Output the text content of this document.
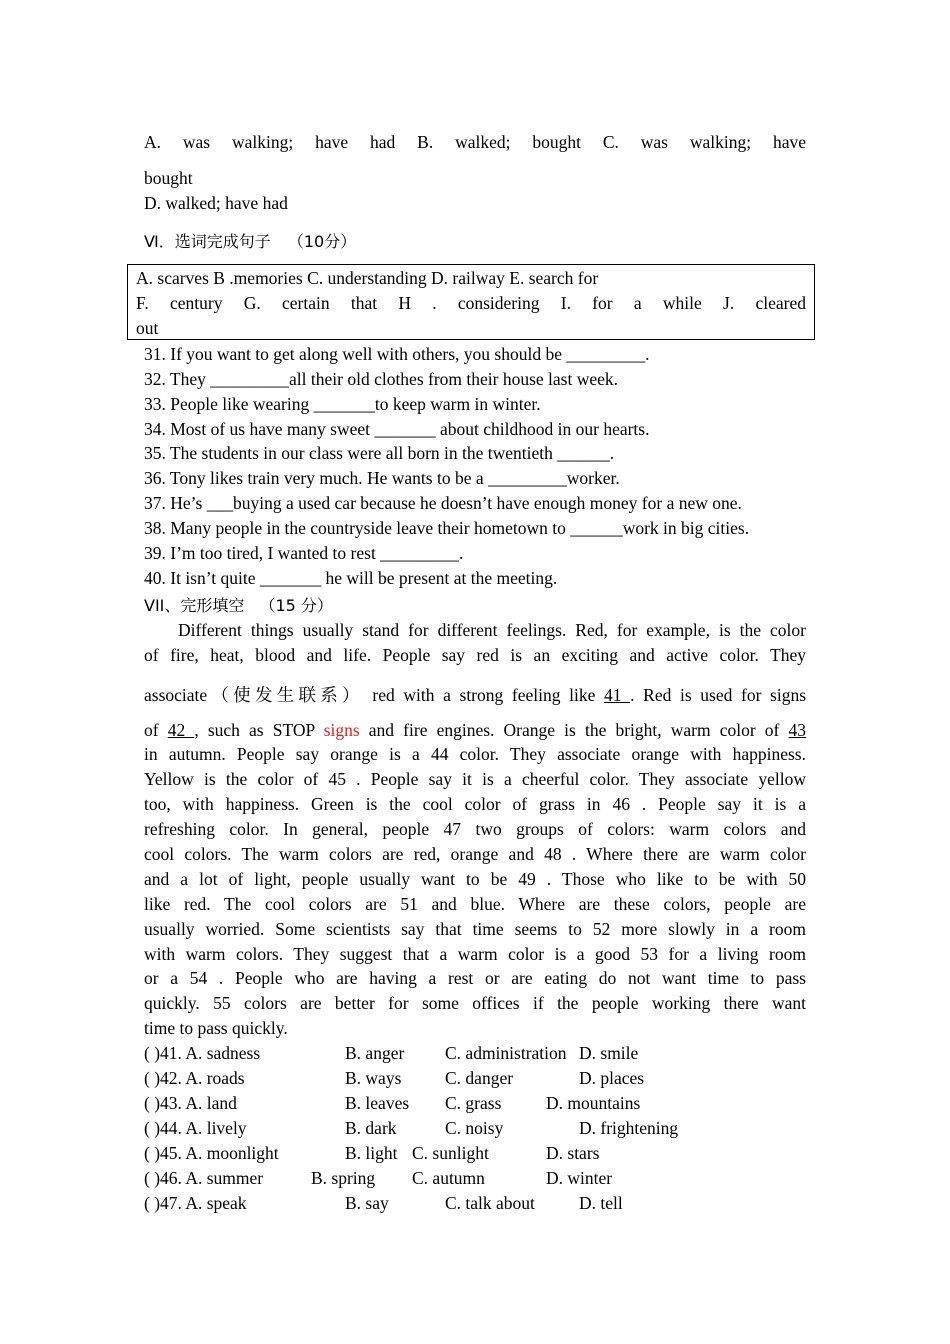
A. was walking; have had B. walked; bought C. was walking; have
bought
D. walked; have had
Ⅵ．选词完成句子 （10分）
A. scarves B .memories C. understanding D. railway E. search for
F. century G. certain that H . considering I. for a while J. cleared
out
31. If you want to get along well with others, you should be _________.
32. They _________all their old clothes from their house last week.
33. People like wearing _______to keep warm in winter.
34. Most of us have many sweet _______ about childhood in our hearts.
35. The students in our class were all born in the twentieth ______.
36. Tony likes train very much. He wants to be a _________worker.
37. He’s ___buying a used car because he doesn’t have enough money for a new one.
38. Many people in the countryside leave their hometown to ______work in big cities.
39. I’m too tired, I wanted to rest _________.
40. It isn’t quite _______ he will be present at the meeting.
VII、完形填空 （15 分）
Different things usually stand for different feelings. Red, for example, is the color
of fire, heat, blood and life. People say red is an exciting and active color. They
associate（使发生联系） red with a strong feeling like 41 . Red is used for signs
of 42 , such as STOP signs and fire engines. Orange is the bright, warm color of 43
in autumn. People say orange is a 44 color. They associate orange with happiness.
Yellow is the color of 45 . People say it is a cheerful color. They associate yellow
too, with happiness. Green is the cool color of grass in 46 . People say it is a
refreshing color. In general, people 47 two groups of colors: warm colors and
cool colors. The warm colors are red, orange and 48 . Where there are warm color
and a lot of light, people usually want to be 49 . Those who like to be with 50
like red. The cool colors are 51 and blue. Where are these colors, people are
usually worried. Some scientists say that time seems to 52 more slowly in a room
with warm colors. They suggest that a warm color is a good 53 for a living room
or a 54 . People who are having a rest or are eating do not want time to pass
quickly. 55 colors are better for some offices if the people working there want
time to pass quickly.
( )41. A. sadness	B. anger C. administration D. smile
( )42. A. roads	B. ways C. danger	D. places
( )43. A. land	B. leaves C. grass	D. mountains
( )44. A. lively	B. dark	C. noisy	D. frightening
( )45. A. moonlight	B. light C. sunlight	D. stars
( )46. A. summer	B. spring C. autumn	D. winter
( )47. A. speak	B. say	C. talk about	D. tell
